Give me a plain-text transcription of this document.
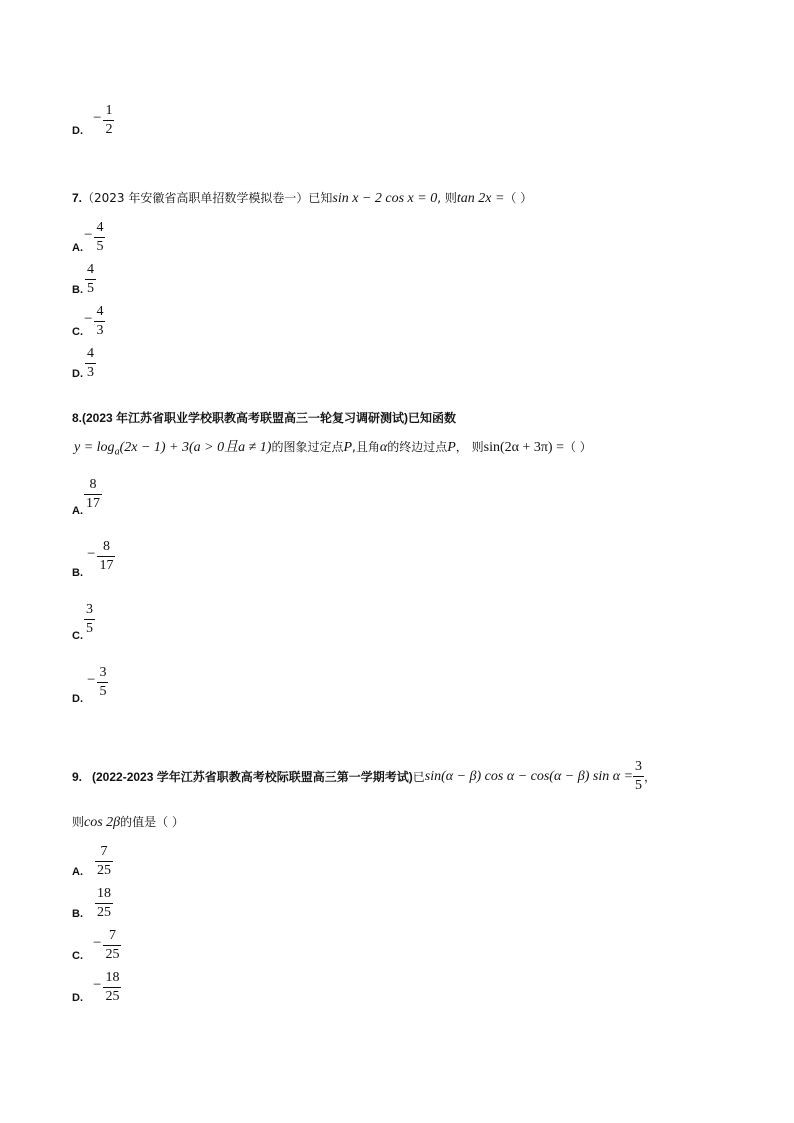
D.
− $\frac{1}{2}$
7.（2023 年安徽省高职单招数学模拟卷一）已知sin x − 2 cos x = 0, 则tan 2x =（ ）
A.
− $\frac{4}{5}$
B. $\frac{4}{5}$
C.
− $\frac{4}{3}$
D. $\frac{4}{3}$
8.(2023 年江苏省职业学校职教高考联盟高三一轮复习调研测试)已知函数
$y = \log_a(2x - 1) + 3(a > 0$且a ≠ 1)的图象过定点P,且角α的终边过点P， 则sin(2α + 3π) =（ ）
A. $\frac{8}{17}$
B.
− $\frac{8}{17}$
C. $\frac{3}{5}$
D.
− $\frac{3}{5}$
9. (2022-2023 学年江苏省职教高考校际联盟高三第一学期考试) 已 sin(α − β) cos α − cos(α − β) $\sin \alpha = \frac{3}{5}$ ，
则cos 2β的值是（ ）
A. $\frac{7}{25}$
B. $\frac{18}{25}$
C.
− $\frac{7}{25}$
D.
− $\frac{18}{25}$
